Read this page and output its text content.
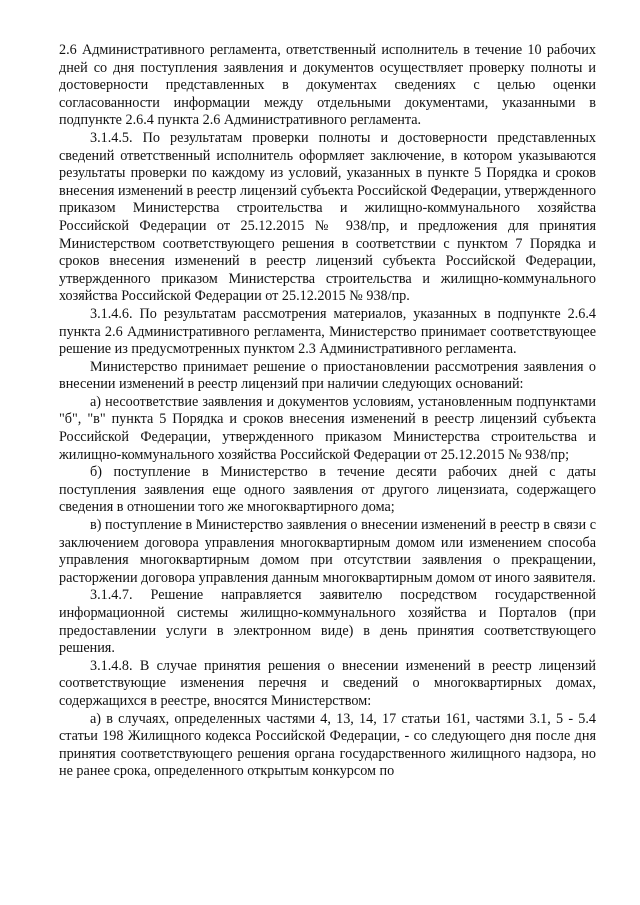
2.6 Административного регламента, ответственный исполнитель в течение 10 рабочих дней со дня поступления заявления и документов осуществляет проверку полноты и достоверности представленных в документах сведениях с целью оценки согласованности информации между отдельными документами, указанными в подпункте 2.6.4 пункта 2.6 Административного регламента.

3.1.4.5. По результатам проверки полноты и достоверности представленных сведений ответственный исполнитель оформляет заключение, в котором указываются результаты проверки по каждому из условий, указанных в пункте 5 Порядка и сроков внесения изменений в реестр лицензий субъекта Российской Федерации, утвержденного приказом Министерства строительства и жилищно-коммунального хозяйства Российской Федерации от 25.12.2015 № 938/пр, и предложения для принятия Министерством соответствующего решения в соответствии с пунктом 7 Порядка и сроков внесения изменений в реестр лицензий субъекта Российской Федерации, утвержденного приказом Министерства строительства и жилищно-коммунального хозяйства Российской Федерации от 25.12.2015 № 938/пр.

3.1.4.6. По результатам рассмотрения материалов, указанных в подпункте 2.6.4 пункта 2.6 Административного регламента, Министерство принимает соответствующее решение из предусмотренных пунктом 2.3 Административного регламента.

Министерство принимает решение о приостановлении рассмотрения заявления о внесении изменений в реестр лицензий при наличии следующих оснований:

а) несоответствие заявления и документов условиям, установленным подпунктами "б", "в" пункта 5 Порядка и сроков внесения изменений в реестр лицензий субъекта Российской Федерации, утвержденного приказом Министерства строительства и жилищно-коммунального хозяйства Российской Федерации от 25.12.2015 № 938/пр;

б) поступление в Министерство в течение десяти рабочих дней с даты поступления заявления еще одного заявления от другого лицензиата, содержащего сведения в отношении того же многоквартирного дома;

в) поступление в Министерство заявления о внесении изменений в реестр в связи с заключением договора управления многоквартирным домом или изменением способа управления многоквартирным домом при отсутствии заявления о прекращении, расторжении договора управления данным многоквартирным домом от иного заявителя.

3.1.4.7. Решение направляется заявителю посредством государственной информационной системы жилищно-коммунального хозяйства и Порталов (при предоставлении услуги в электронном виде) в день принятия соответствующего решения.

3.1.4.8. В случае принятия решения о внесении изменений в реестр лицензий соответствующие изменения перечня и сведений о многоквартирных домах, содержащихся в реестре, вносятся Министерством:

а) в случаях, определенных частями 4, 13, 14, 17 статьи 161, частями 3.1, 5 - 5.4 статьи 198 Жилищного кодекса Российской Федерации, - со следующего дня после дня принятия соответствующего решения органа государственного жилищного надзора, но не ранее срока, определенного открытым конкурсом по
